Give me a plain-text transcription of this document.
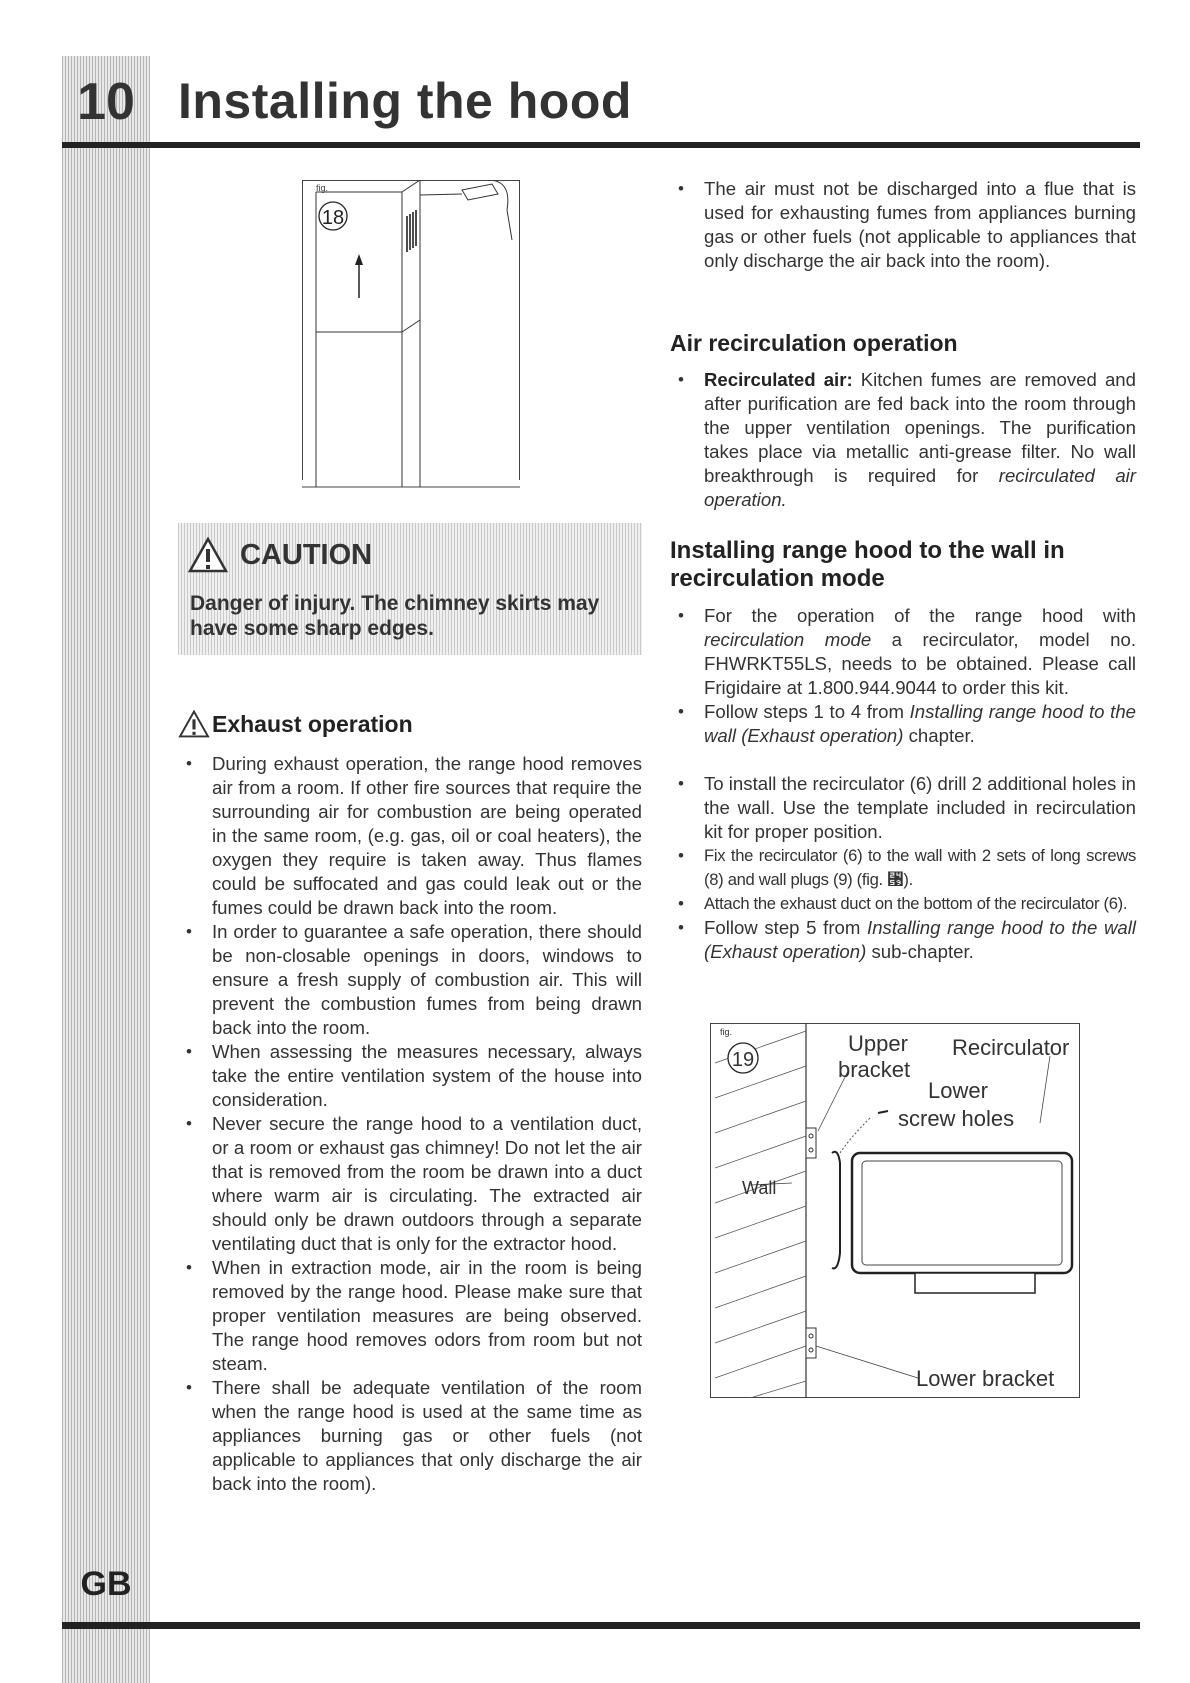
10 Installing the hood
fig.
18
CAUTION

Danger of injury. The chimney skirts may have some sharp edges.

Exhaust operation
• During exhaust operation, the range hood removes air from a room. If other fire sources that require the surrounding air for combustion are being operated in the same room, (e.g. gas, oil or coal heaters), the oxygen they require is taken away. Thus flames could be suffocated and gas could leak out or the fumes could be drawn back into the room.
• In order to guarantee a safe operation, there should be non-closable openings in doors, windows to ensure a fresh supply of combustion air. This will prevent the combustion fumes from being drawn back into the room.
• When assessing the measures necessary, always take the entire ventilation system of the house into consideration.
• Never secure the range hood to a ventilation duct, or a room or exhaust gas chimney! Do not let the air that is removed from the room be drawn into a duct where warm air is circulating. The extracted air should only be drawn outdoors through a separate ventilating duct that is only for the extractor hood.
• When in extraction mode, air in the room is being removed by the range hood. Please make sure that proper ventilation measures are being observed. The range hood removes odors from room but not steam.
• There shall be adequate ventilation of the room when the range hood is used at the same time as appliances burning gas or other fuels (not applicable to appliances that only discharge the air back into the room).
• The air must not be discharged into a flue that is used for exhausting fumes from appliances burning gas or other fuels (not applicable to appliances that only discharge the air back into the room).
Air recirculation operation
• Recirculated air: Kitchen fumes are removed and after purification are fed back into the room through the upper ventilation openings. The purification takes place via metallic anti-grease filter. No wall breakthrough is required for recirculated air operation.
Installing range hood to the wall in
recirculation mode
• For the operation of the range hood with recirculation mode a recirculator, model no. FHWRKT55LS, needs to be obtained. Please call Frigidaire at 1.800.944.9044 to order this kit.
• Follow steps 1 to 4 from Installing range hood to the wall (Exhaust operation) chapter.
• To install the recirculator (6) drill 2 additional holes in the wall. Use the template included in recirculation kit for proper position.
• Fix the recirculator (6) to the wall with 2 sets of long screws (8) and wall plugs (9) (fig. ⑙).
• Attach the exhaust duct on the bottom of the recirculator (6).
• Follow step 5 from Installing range hood to the wall (Exhaust operation) sub-chapter.
fig.
19
Upper
bracket
Recirculator
Lower
screw holes
Wall
Lower bracket
GB
